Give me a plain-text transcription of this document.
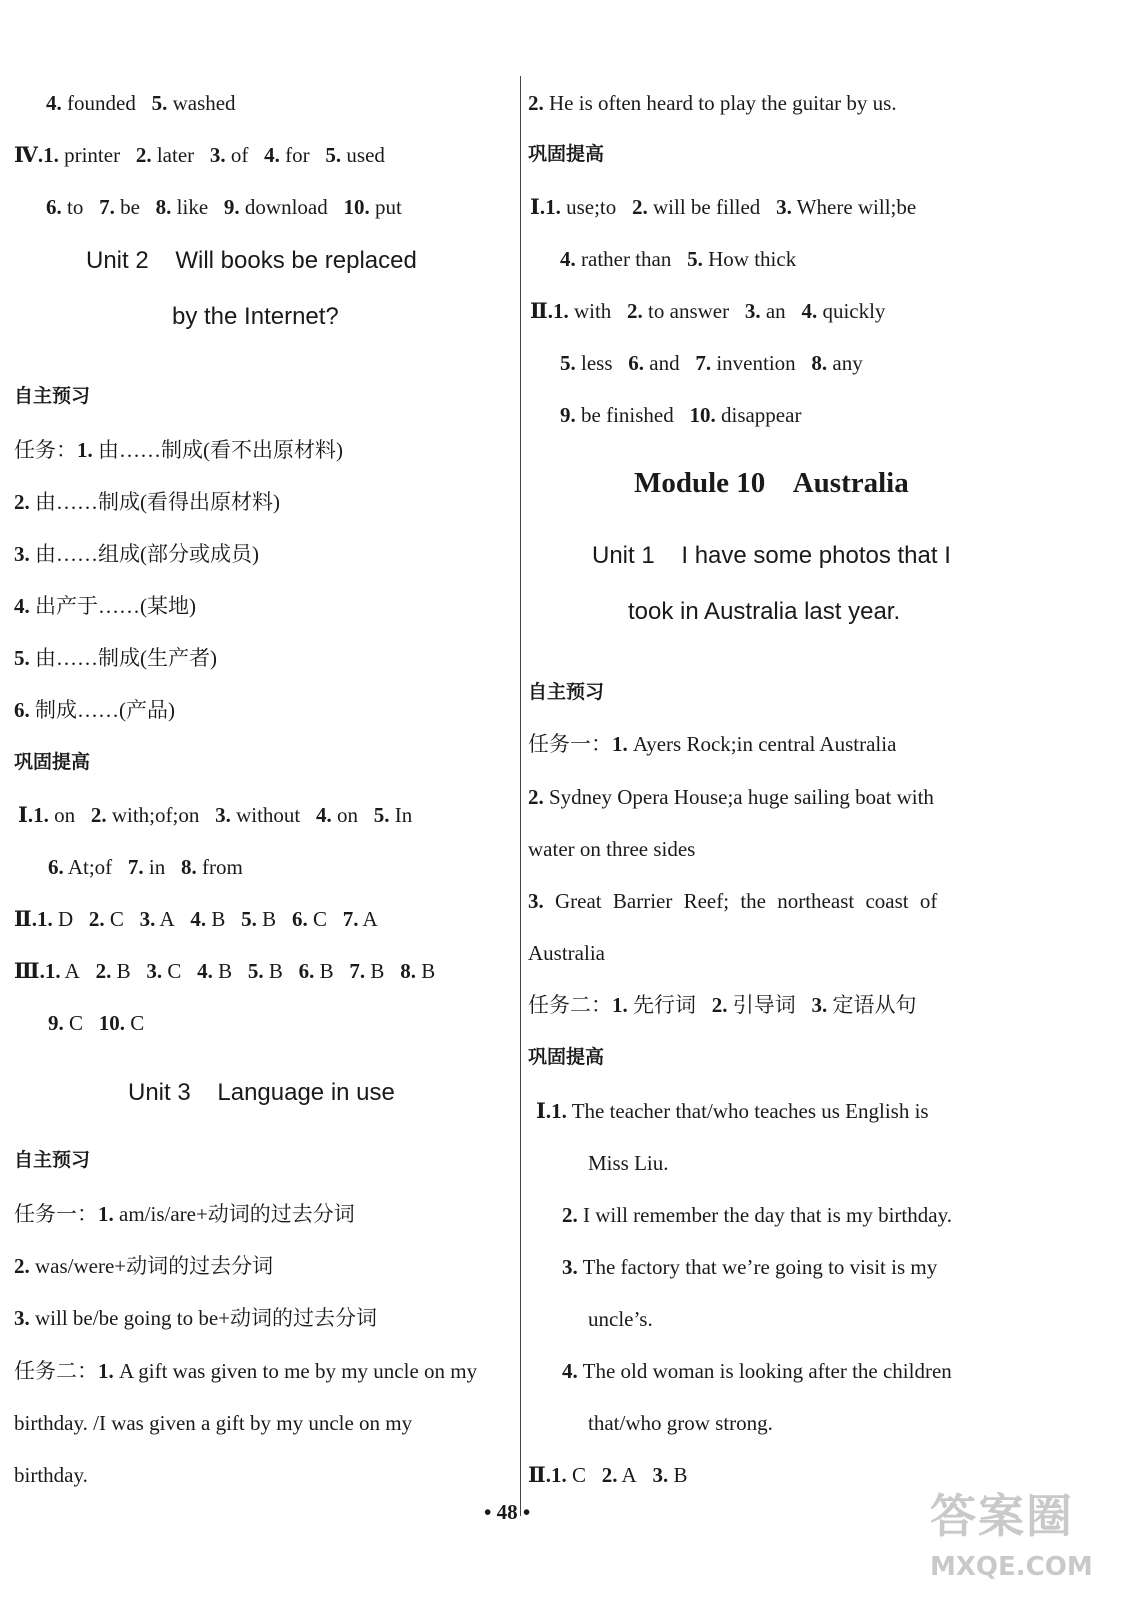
4. founded 5. washed
Ⅳ.1. printer 2. later 3. of 4. for 5. used
6. to 7. be 8. like 9. download 10. put
Unit 2    Will books be replaced
by the Internet?
自主预习
任务：1. 由……制成(看不出原材料)
2. 由……制成(看得出原材料)
3. 由……组成(部分或成员)
4. 出产于……(某地)
5. 由……制成(生产者)
6. 制成……(产品)
巩固提高
Ⅰ.1. on 2. with;of;on 3. without 4. on 5. In
6. At;of 7. in 8. from
Ⅱ.1. D 2. C 3. A 4. B 5. B 6. C 7. A
Ⅲ.1. A 2. B 3. C 4. B 5. B 6. B 7. B 8. B
9. C 10. C
Unit 3    Language in use
自主预习
任务一：1. am/is/are+动词的过去分词
2. was/were+动词的过去分词
3. will be/be going to be+动词的过去分词
任务二：1. A gift was given to me by my uncle on my
birthday. /I was given a gift by my uncle on my
birthday.
2. He is often heard to play the guitar by us.
巩固提高
Ⅰ.1. use;to 2. will be filled 3. Where will;be
4. rather than 5. How thick
Ⅱ.1. with 2. to answer 3. an 4. quickly
5. less 6. and 7. invention 8. any
9. be finished 10. disappear
Module 10    Australia
Unit 1    I have some photos that I
took in Australia last year.
自主预习
任务一：1. Ayers Rock;in central Australia
2. Sydney Opera House;a huge sailing boat with
water on three sides
3. Great Barrier Reef; the northeast coast of
Australia
任务二：1. 先行词 2. 引导词 3. 定语从句
巩固提高
Ⅰ.1. The teacher that/who teaches us English is
Miss Liu.
2. I will remember the day that is my birthday.
3. The factory that we’re going to visit is my
uncle’s.
4. The old woman is looking after the children
that/who grow strong.
Ⅱ.1. C 2. A 3. B
• 48 •	答案圈
MXQE.COM
